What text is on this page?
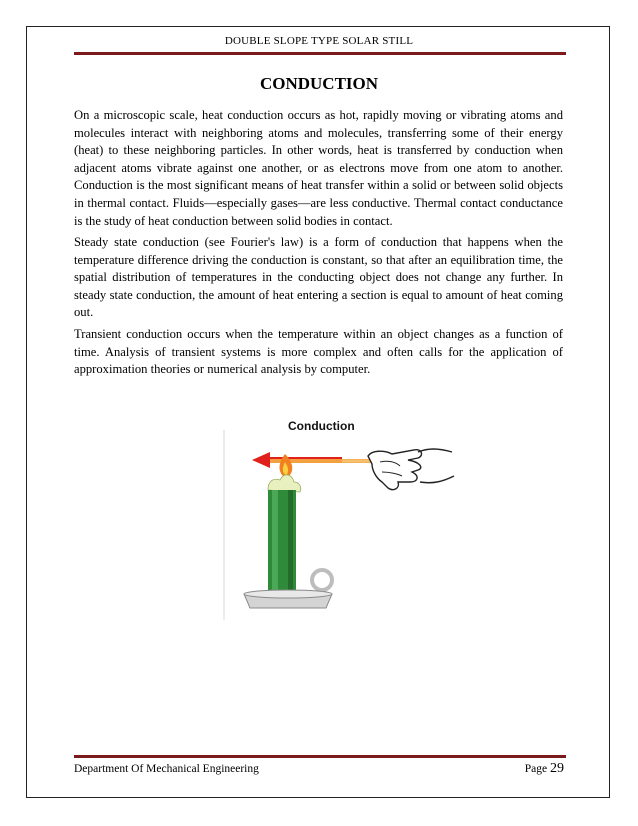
DOUBLE SLOPE TYPE SOLAR STILL
CONDUCTION

On a microscopic scale, heat conduction occurs as hot, rapidly moving or vibrating atoms and molecules interact with neighboring atoms and molecules, transferring some of their energy (heat) to these neighboring particles. In other words, heat is transferred by conduction when adjacent atoms vibrate against one another, or as electrons move from one atom to another. Conduction is the most significant means of heat transfer within a solid or between solid objects in thermal contact. Fluids—especially gases—are less conductive. Thermal contact conductance is the study of heat conduction between solid bodies in contact.

Steady state conduction (see Fourier's law) is a form of conduction that happens when the temperature difference driving the conduction is constant, so that after an equilibration time, the spatial distribution of temperatures in the conducting object does not change any further. In steady state conduction, the amount of heat entering a section is equal to amount of heat coming out.

Transient conduction occurs when the temperature within an object changes as a function of time. Analysis of transient systems is more complex and often calls for the application of approximation theories or numerical analysis by computer.

Conduction
Department Of Mechanical Engineering	Page 29
